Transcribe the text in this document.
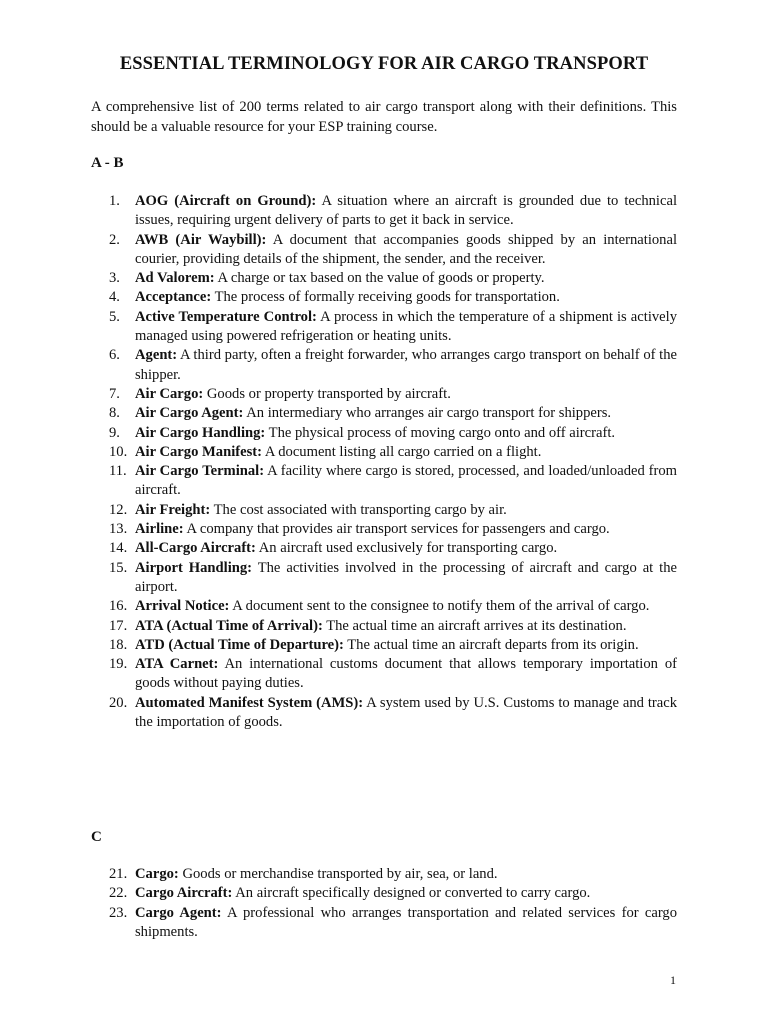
ESSENTIAL TERMINOLOGY FOR AIR CARGO TRANSPORT
A comprehensive list of 200 terms related to air cargo transport along with their definitions. This should be a valuable resource for your ESP training course.
A - B
1. AOG (Aircraft on Ground): A situation where an aircraft is grounded due to technical issues, requiring urgent delivery of parts to get it back in service.
2. AWB (Air Waybill): A document that accompanies goods shipped by an international courier, providing details of the shipment, the sender, and the receiver.
3. Ad Valorem: A charge or tax based on the value of goods or property.
4. Acceptance: The process of formally receiving goods for transportation.
5. Active Temperature Control: A process in which the temperature of a shipment is actively managed using powered refrigeration or heating units.
6. Agent: A third party, often a freight forwarder, who arranges cargo transport on behalf of the shipper.
7. Air Cargo: Goods or property transported by aircraft.
8. Air Cargo Agent: An intermediary who arranges air cargo transport for shippers.
9. Air Cargo Handling: The physical process of moving cargo onto and off aircraft.
10. Air Cargo Manifest: A document listing all cargo carried on a flight.
11. Air Cargo Terminal: A facility where cargo is stored, processed, and loaded/unloaded from aircraft.
12. Air Freight: The cost associated with transporting cargo by air.
13. Airline: A company that provides air transport services for passengers and cargo.
14. All-Cargo Aircraft: An aircraft used exclusively for transporting cargo.
15. Airport Handling: The activities involved in the processing of aircraft and cargo at the airport.
16. Arrival Notice: A document sent to the consignee to notify them of the arrival of cargo.
17. ATA (Actual Time of Arrival): The actual time an aircraft arrives at its destination.
18. ATD (Actual Time of Departure): The actual time an aircraft departs from its origin.
19. ATA Carnet: An international customs document that allows temporary importation of goods without paying duties.
20. Automated Manifest System (AMS): A system used by U.S. Customs to manage and track the importation of goods.
C
21. Cargo: Goods or merchandise transported by air, sea, or land.
22. Cargo Aircraft: An aircraft specifically designed or converted to carry cargo.
23. Cargo Agent: A professional who arranges transportation and related services for cargo shipments.
1
